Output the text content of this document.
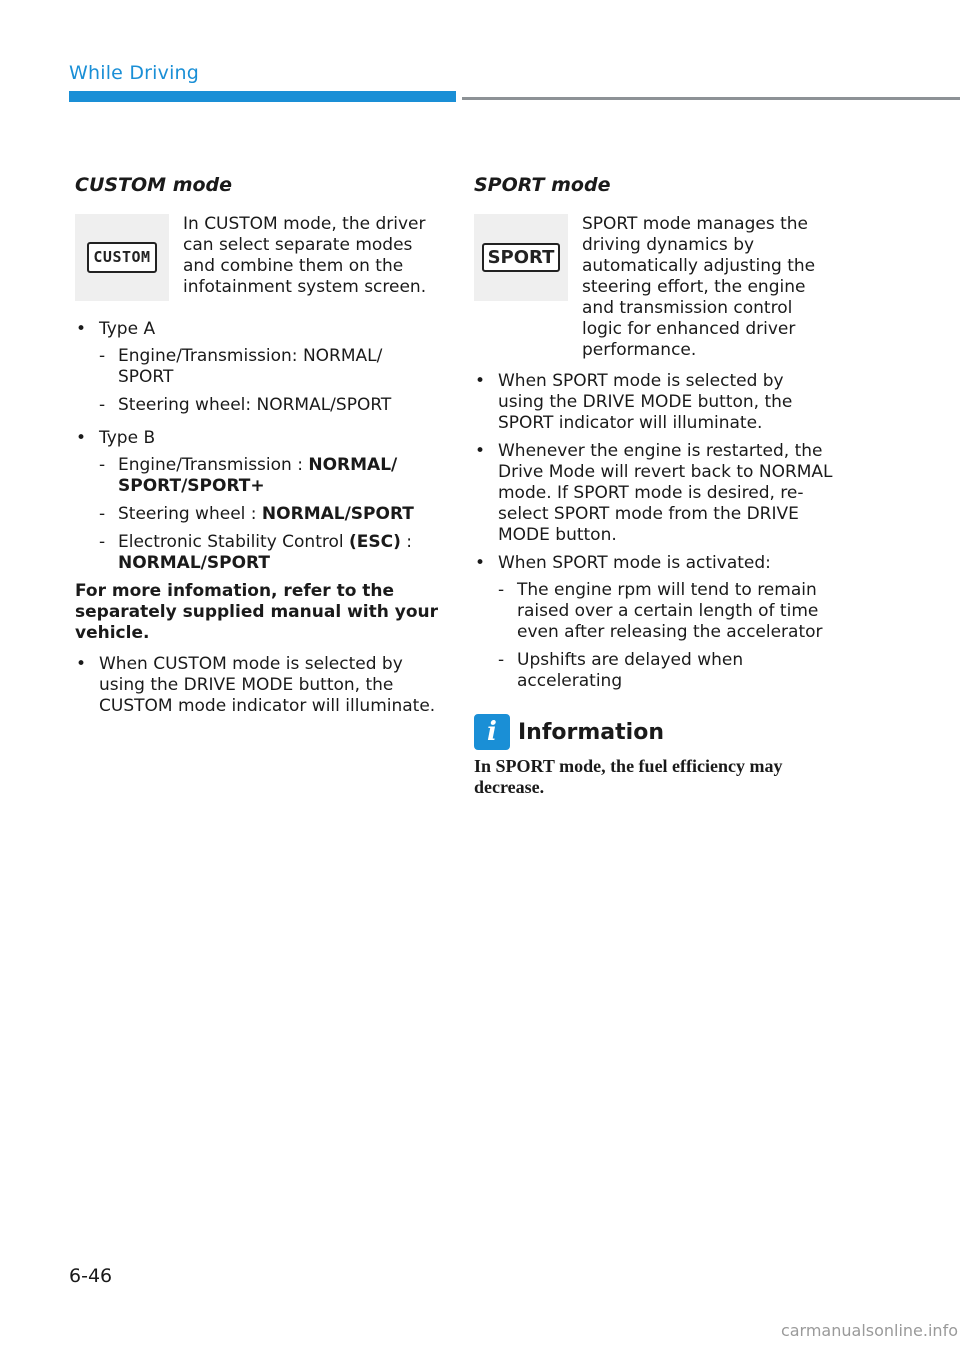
While Driving
CUSTOM mode
CUSTOM

In CUSTOM mode, the driver can select separate modes and combine them on the infotainment system screen.

• Type A
- Engine/Transmission: NORMAL/ SPORT
- Steering wheel: NORMAL/SPORT
• Type B
- Engine/Transmission : NORMAL/ SPORT/SPORT+
- Steering wheel : NORMAL/SPORT
- Electronic Stability Control (ESC) : NORMAL/SPORT

For more infomation, refer to the separately supplied manual with your vehicle.

• When CUSTOM mode is selected by using the DRIVE MODE button, the CUSTOM mode indicator will illuminate.
SPORT mode
SPORT

SPORT mode manages the driving dynamics by automatically adjusting the steering effort, the engine and transmission control logic for enhanced driver performance.

• When SPORT mode is selected by using the DRIVE MODE button, the SPORT indicator will illuminate.
• Whenever the engine is restarted, the Drive Mode will revert back to NORMAL mode. If SPORT mode is desired, re-select SPORT mode from the DRIVE MODE button.
• When SPORT mode is activated:
- The engine rpm will tend to remain raised over a certain length of time even after releasing the accelerator
- Upshifts are delayed when accelerating
i Information
In SPORT mode, the fuel efficiency may decrease.
6-46
carmanualsonline.info
